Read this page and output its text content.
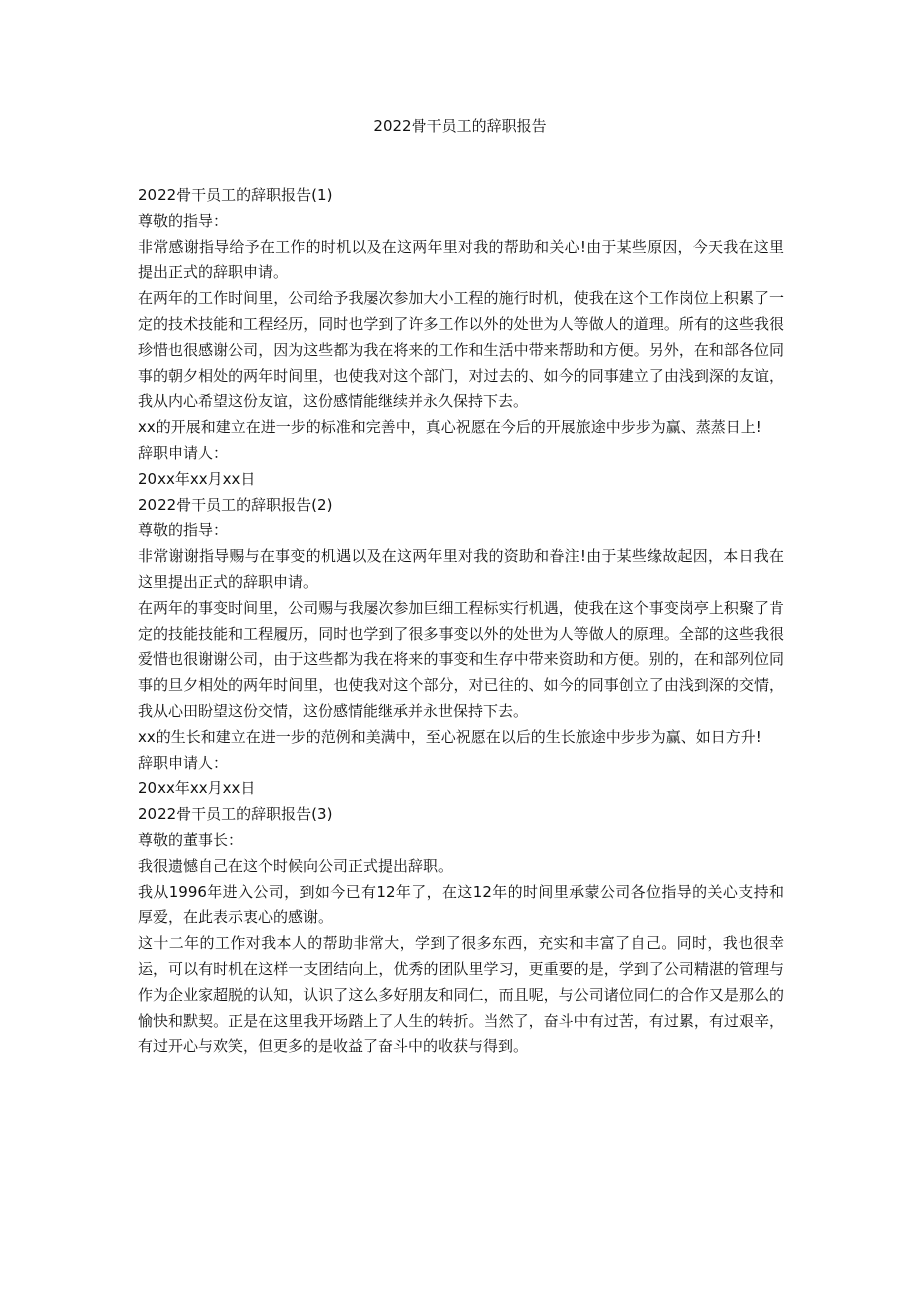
2022骨干员工的辞职报告

2022骨干员工的辞职报告(1)

尊敬的指导：

非常感谢指导给予在工作的时机以及在这两年里对我的帮助和关心!由于某些原因，今天我在这里提出正式的辞职申请。

在两年的工作时间里，公司给予我屡次参加大小工程的施行时机，使我在这个工作岗位上积累了一定的技术技能和工程经历，同时也学到了许多工作以外的处世为人等做人的道理。所有的这些我很珍惜也很感谢公司，因为这些都为我在将来的工作和生活中带来帮助和方便。另外，在和部各位同事的朝夕相处的两年时间里，也使我对这个部门，对过去的、如今的同事建立了由浅到深的友谊，我从内心希望这份友谊，这份感情能继续并永久保持下去。

xx的开展和建立在进一步的标准和完善中，真心祝愿在今后的开展旅途中步步为赢、蒸蒸日上!

辞职申请人：

20xx年xx月xx日

2022骨干员工的辞职报告(2)

尊敬的指导：

非常谢谢指导赐与在事变的机遇以及在这两年里对我的资助和眷注!由于某些缘故起因，本日我在这里提出正式的辞职申请。

在两年的事变时间里，公司赐与我屡次参加巨细工程标实行机遇，使我在这个事变岗亭上积聚了肯定的技能技能和工程履历，同时也学到了很多事变以外的处世为人等做人的原理。全部的这些我很爱惜也很谢谢公司，由于这些都为我在将来的事变和生存中带来资助和方便。别的，在和部列位同事的旦夕相处的两年时间里，也使我对这个部分，对已往的、如今的同事创立了由浅到深的交情，我从心田盼望这份交情，这份感情能继承并永世保持下去。

xx的生长和建立在进一步的范例和美满中，至心祝愿在以后的生长旅途中步步为赢、如日方升!

辞职申请人：

20xx年xx月xx日

2022骨干员工的辞职报告(3)

尊敬的董事长：

我很遗憾自己在这个时候向公司正式提出辞职。

我从1996年进入公司，到如今已有12年了，在这12年的时间里承蒙公司各位指导的关心支持和厚爱，在此表示衷心的感谢。

这十二年的工作对我本人的帮助非常大，学到了很多东西，充实和丰富了自己。同时，我也很幸运，可以有时机在这样一支团结向上，优秀的团队里学习，更重要的是，学到了公司精湛的管理与作为企业家超脱的认知，认识了这么多好朋友和同仁，而且呢，与公司诸位同仁的合作又是那么的愉快和默契。正是在这里我开场踏上了人生的转折。当然了，奋斗中有过苦，有过累，有过艰辛，有过开心与欢笑，但更多的是收益了奋斗中的收获与得到。
